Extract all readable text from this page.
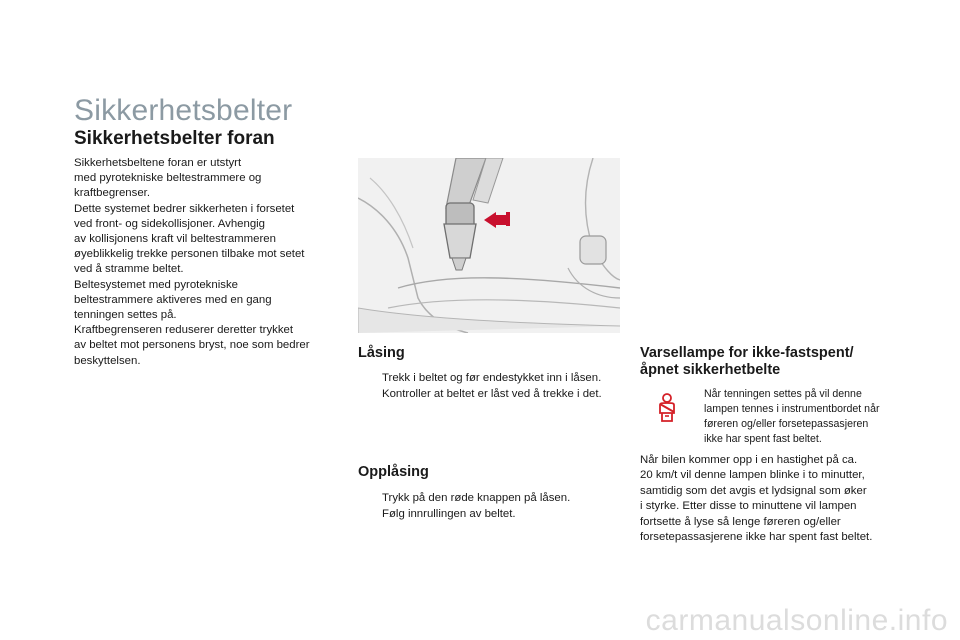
Sikkerhetsbelter
Sikkerhetsbelter foran

Sikkerhetsbeltene foran er utstyrt

med pyrotekniske beltestrammere og

kraftbegrenser.

Dette systemet bedrer sikkerheten i forsetet

ved front- og sidekollisjoner. Avhengig

av kollisjonens kraft vil beltestrammeren

øyeblikkelig trekke personen tilbake mot setet

ved å stramme beltet.

Beltesystemet med pyrotekniske

beltestrammere aktiveres med en gang

tenningen settes på.

Kraftbegrenseren reduserer deretter trykket

av beltet mot personens bryst, noe som bedrer

beskyttelsen.	Låsing
Trekk i beltet og før endestykket inn i låsen.
Kontroller at beltet er låst ved å trekke i det.
Opplåsing
Trykk på den røde knappen på låsen.
Følg innrullingen av beltet.
Varsellampe for ikke-fastspent/
åpnet sikkerhetbelte
Når tenningen settes på vil denne
lampen tennes i instrumentbordet når
føreren og/eller forsetepassasjeren
ikke har spent fast beltet.
Når bilen kommer opp i en hastighet på ca.
20 km/t vil denne lampen blinke i to minutter,
samtidig som det avgis et lydsignal som øker
i styrke. Etter disse to minuttene vil lampen
fortsette å lyse så lenge føreren og/eller
forsetepassasjerene ikke har spent fast beltet.
carmanualsonline.info
